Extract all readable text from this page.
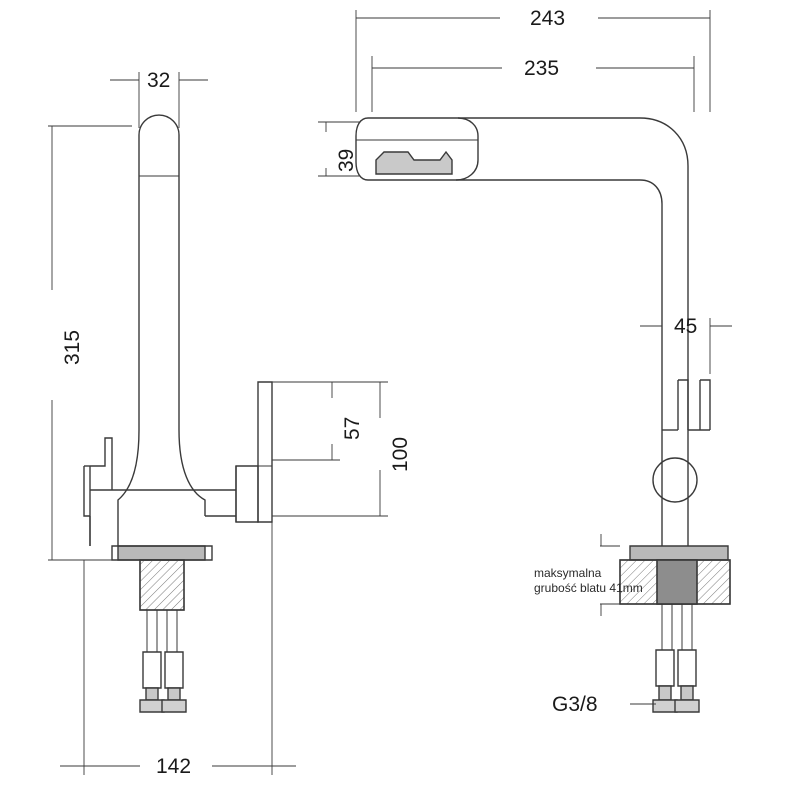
32
315
142
243
235
39
45
57
100
G3/8
maksymalna
grubość blatu 41mm
